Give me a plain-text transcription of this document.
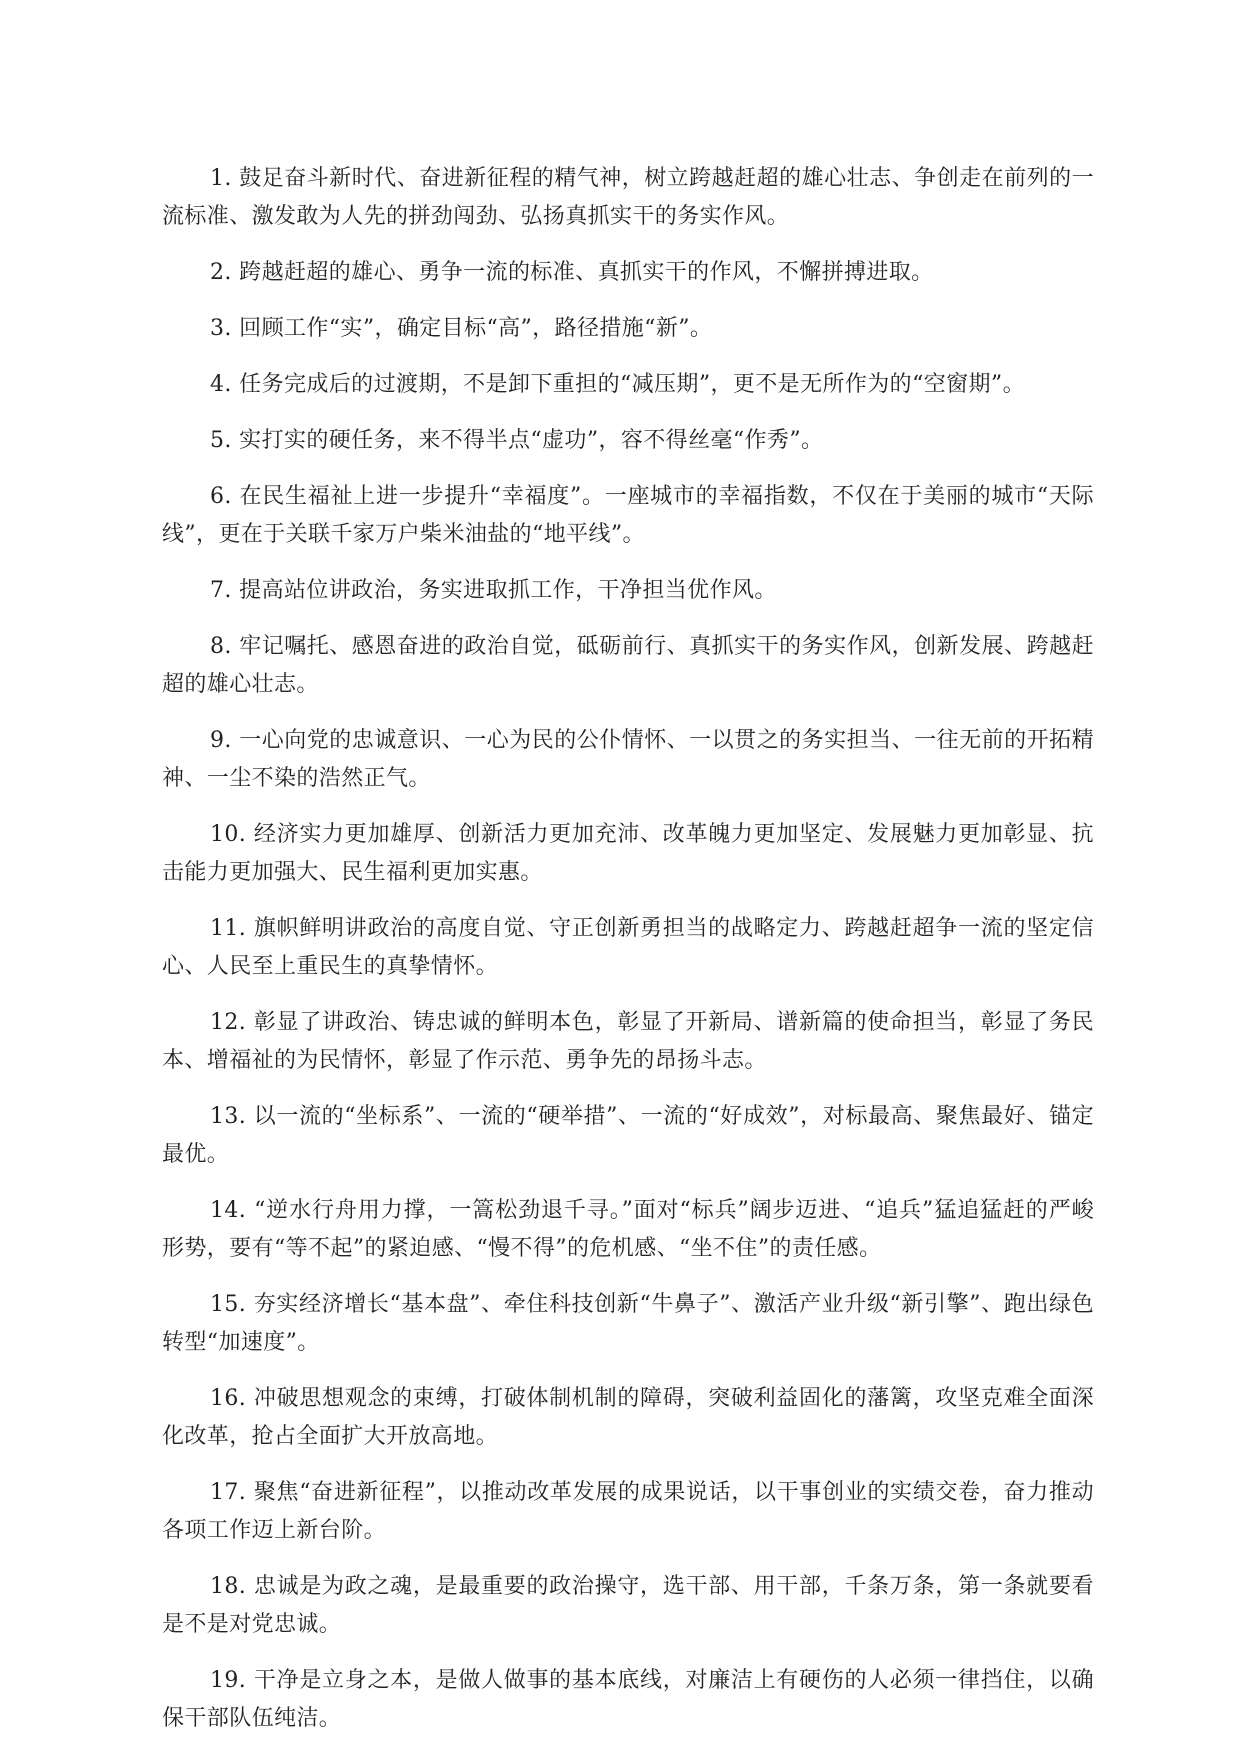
1. 鼓足奋斗新时代、奋进新征程的精气神，树立跨越赶超的雄心壮志、争创走在前列的一流标准、激发敢为人先的拼劲闯劲、弘扬真抓实干的务实作风。

2. 跨越赶超的雄心、勇争一流的标准、真抓实干的作风，不懈拼搏进取。

3. 回顾工作“实”，确定目标“高”，路径措施“新”。

4. 任务完成后的过渡期，不是卸下重担的“减压期”，更不是无所作为的“空窗期”。

5. 实打实的硬任务，来不得半点“虚功”，容不得丝毫“作秀”。

6. 在民生福祉上进一步提升“幸福度”。一座城市的幸福指数，不仅在于美丽的城市“天际线”，更在于关联千家万户柴米油盐的“地平线”。

7. 提高站位讲政治，务实进取抓工作，干净担当优作风。

8. 牢记嘱托、感恩奋进的政治自觉，砥砺前行、真抓实干的务实作风，创新发展、跨越赶超的雄心壮志。

9. 一心向党的忠诚意识、一心为民的公仆情怀、一以贯之的务实担当、一往无前的开拓精神、一尘不染的浩然正气。

10. 经济实力更加雄厚、创新活力更加充沛、改革魄力更加坚定、发展魅力更加彰显、抗击能力更加强大、民生福利更加实惠。

11. 旗帜鲜明讲政治的高度自觉、守正创新勇担当的战略定力、跨越赶超争一流的坚定信心、人民至上重民生的真挚情怀。

12. 彰显了讲政治、铸忠诚的鲜明本色，彰显了开新局、谱新篇的使命担当，彰显了务民本、增福祉的为民情怀，彰显了作示范、勇争先的昂扬斗志。

13. 以一流的“坐标系”、一流的“硬举措”、一流的“好成效”，对标最高、聚焦最好、锚定最优。

14. “逆水行舟用力撑，一篙松劲退千寻。”面对“标兵”阔步迈进、“追兵”猛追猛赶的严峻形势，要有“等不起”的紧迫感、“慢不得”的危机感、“坐不住”的责任感。

15. 夯实经济增长“基本盘”、牵住科技创新“牛鼻子”、激活产业升级“新引擎”、跑出绿色转型“加速度”。

16. 冲破思想观念的束缚，打破体制机制的障碍，突破利益固化的藩篱，攻坚克难全面深化改革，抢占全面扩大开放高地。

17. 聚焦“奋进新征程”，以推动改革发展的成果说话，以干事创业的实绩交卷，奋力推动各项工作迈上新台阶。

18. 忠诚是为政之魂，是最重要的政治操守，选干部、用干部，千条万条，第一条就要看是不是对党忠诚。

19. 干净是立身之本，是做人做事的基本底线，对廉洁上有硬伤的人必须一律挡住，以确保干部队伍纯洁。
